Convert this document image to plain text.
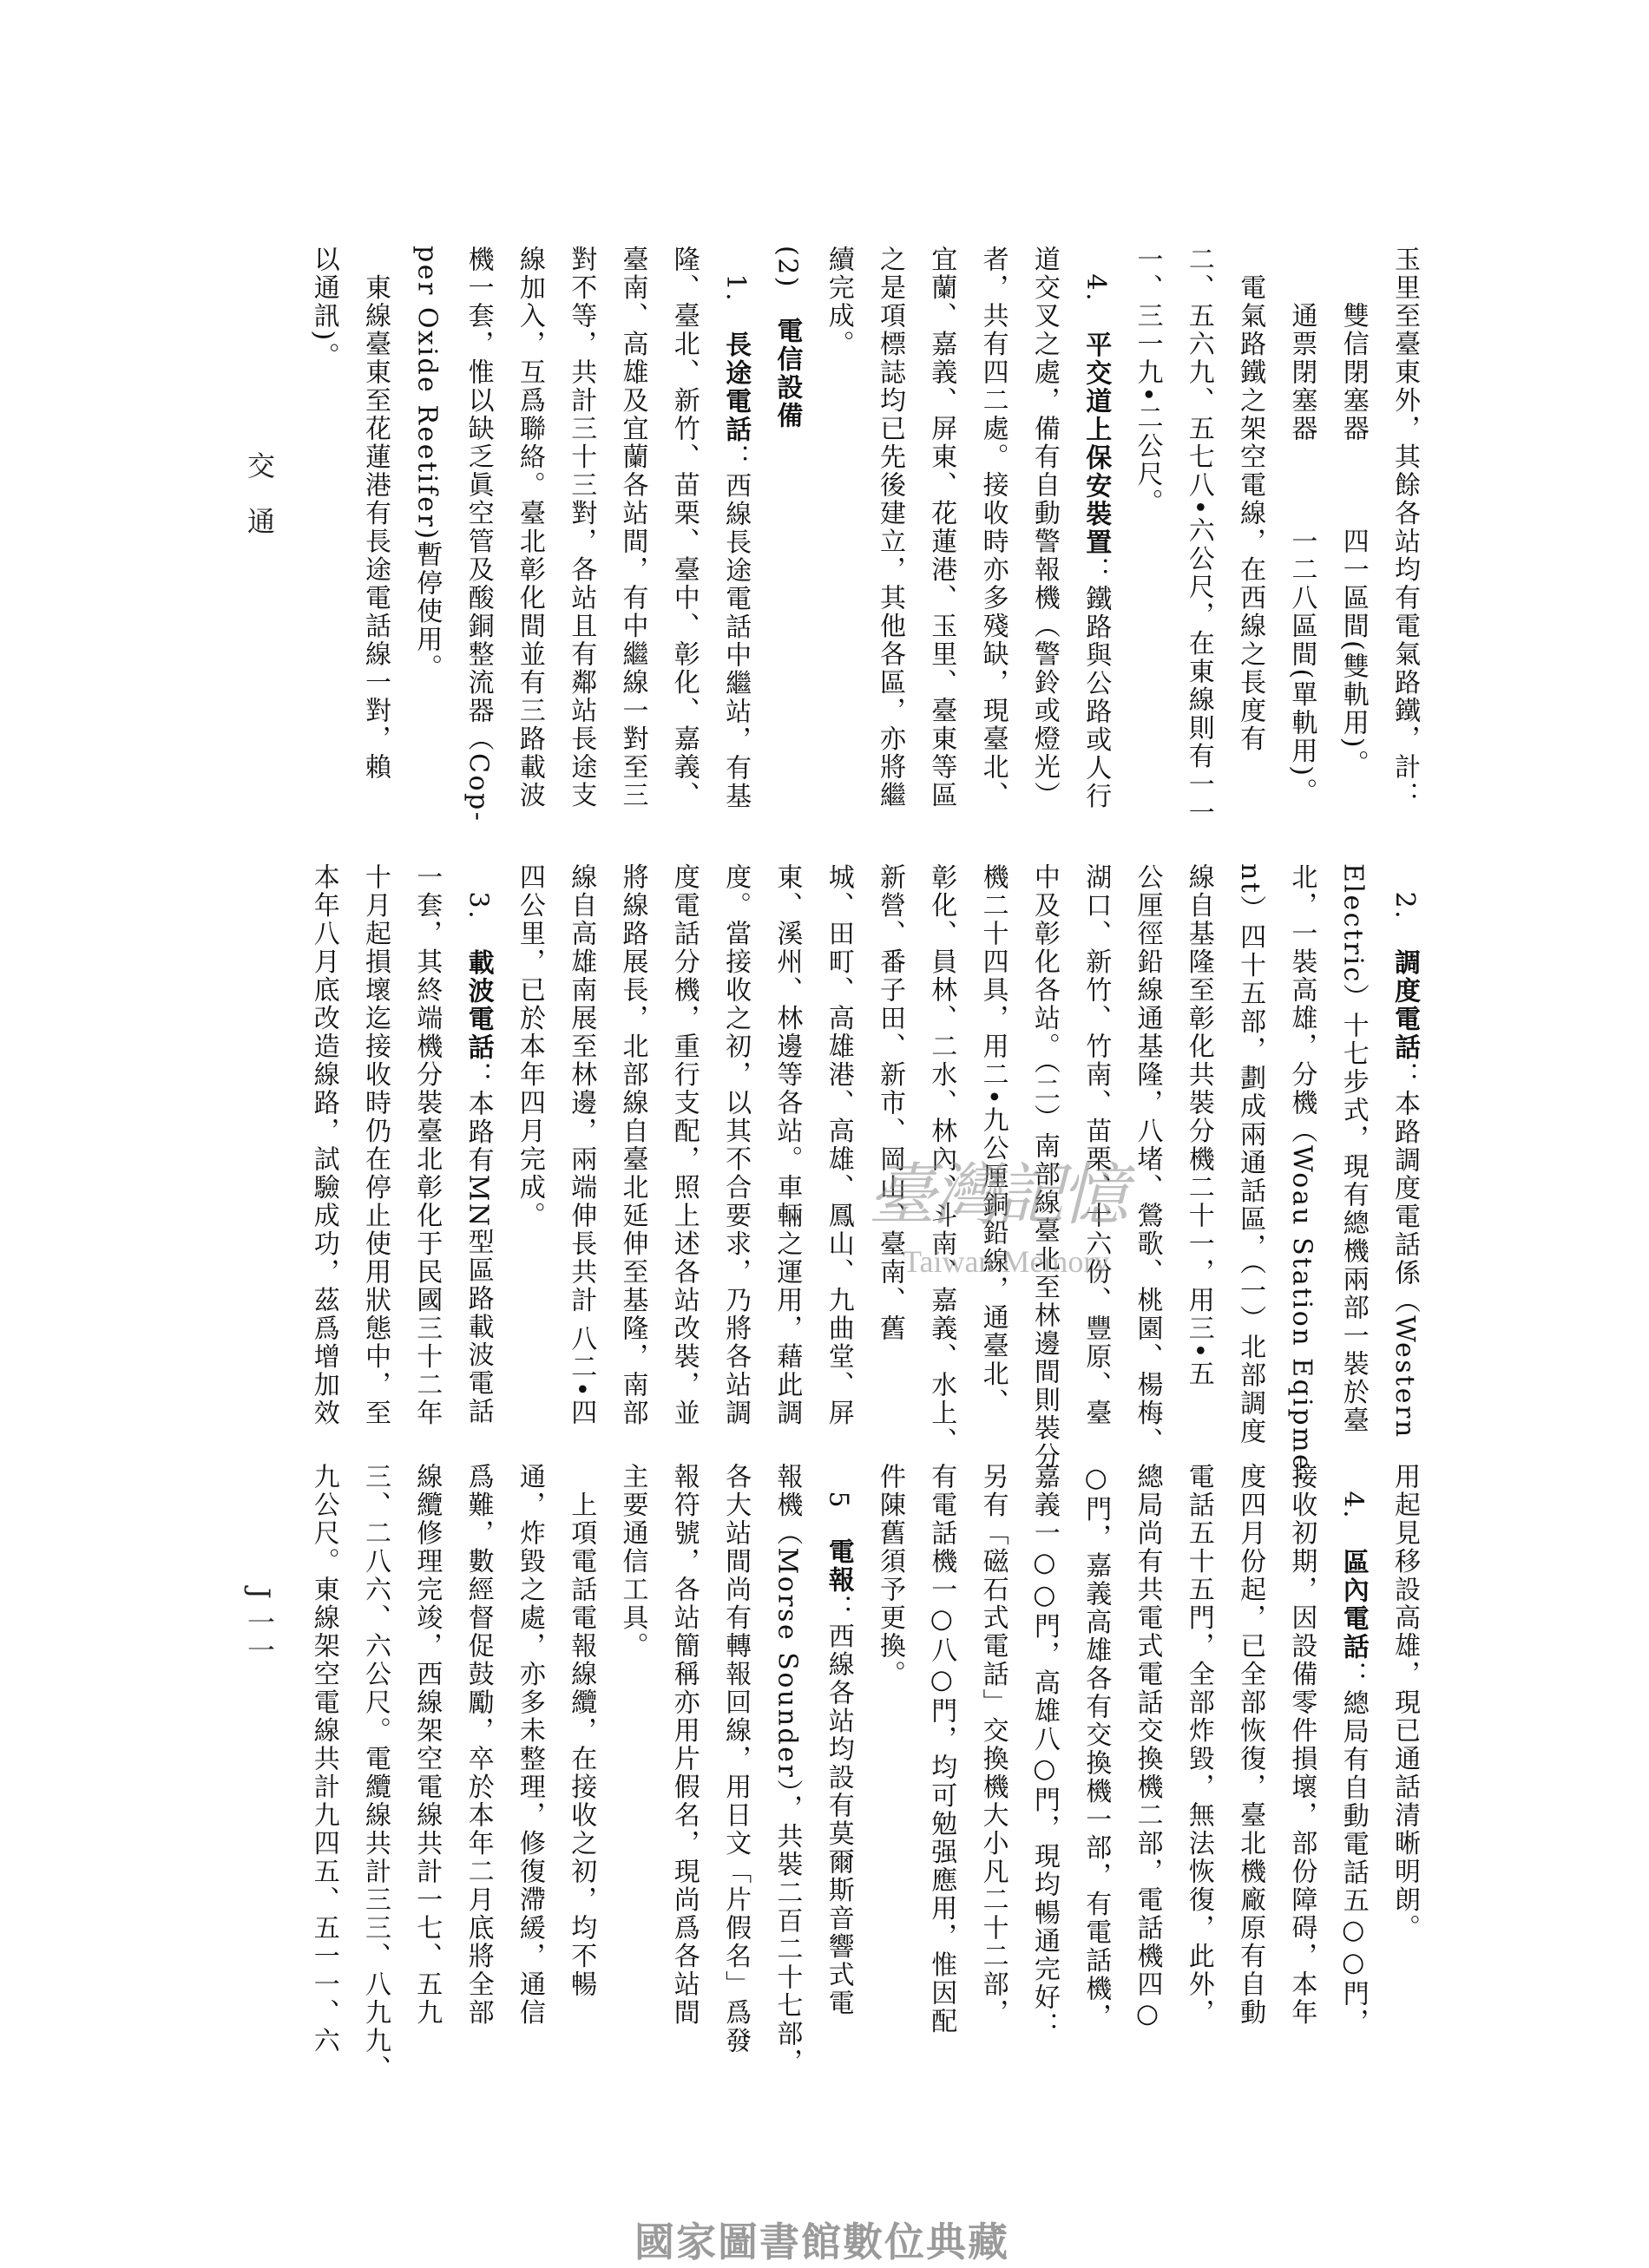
玉里至臺東外，其餘各站均有電氣路鐵，計：
　　雙信閉塞器　　　四一區間(雙軌用)。
　　通票閉塞器　　　一二八區間(單軌用)。
　電氣路鐵之架空電線，在西線之長度有
二、五六九、五七八•六公尺，在東線則有一一
一、三一九•二公尺。
　4.　平交道上保安裝置：鐵路與公路或人行
道交叉之處，備有自動警報機（警鈴或燈光）
者，共有四二處。接收時亦多殘缺，現臺北、
宜蘭、嘉義、屏東、花蓮港、玉里、臺東等區
之是項標誌均已先後建立，其他各區，亦將繼
續完成。
(2)　電信設備
　1.　長途電話：西線長途電話中繼站，有基
隆、臺北、新竹、苗栗、臺中、彰化、嘉義、
臺南、高雄及宜蘭各站間，有中繼線一對至三
對不等，共計三十三對，各站且有鄰站長途支
線加入，互爲聯絡。臺北彰化間並有三路載波
機一套，惟以缺乏眞空管及酸銅整流器（Cop-
per Oxide Reetifer)暫停使用。
　東線臺東至花蓮港有長途電話線一對，賴
以通訊)。
　2.　調度電話：本路調度電話係（Western
Electric）十七步式，現有總機兩部一裝於臺
北，一裝高雄，分機（Woau Station Eqipme-
nt）四十五部，劃成兩通話區，（一）北部調度
線自基隆至彰化共裝分機二十一，用三•五
公厘徑鉛線通基隆，八堵、鶯歌、桃園、楊梅、
湖口、新竹、竹南、苗栗、十六份、豐原、臺
中及彰化各站。（二）南部線臺北至林邊間則裝分
機二十四具，用二•九公厘銅鉛線，通臺北、
彰化、員林、二水、林內、斗南、嘉義、水上、
新營、番子田、新市、岡山、臺南、舊
城、田町、高雄港、高雄、鳳山、九曲堂、屏
東、溪州、林邊等各站。車輛之運用，藉此調
度。當接收之初，以其不合要求，乃將各站調
度電話分機，重行支配，照上述各站改裝，並
將線路展長，北部線自臺北延伸至基隆，南部
線自高雄南展至林邊，兩端伸長共計 八二•四
四公里，已於本年四月完成。
　3.　載波電話：本路有MN型區路載波電話
一套，其終端機分裝臺北彰化于民國三十二年
十月起損壞迄接收時仍在停止使用狀態中，至
本年八月底改造線路，試驗成功，茲爲增加效
用起見移設高雄，現已通話清晰明朗。
　4.　區內電話：總局有自動電話五○○門，
接收初期，因設備零件損壞，部份障碍，本年
度四月份起，已全部恢復，臺北機廠原有自動
電話五十五門，全部炸毀，無法恢復，此外，
總局尚有共電式電話交換機二部，電話機四○
○門，嘉義高雄各有交換機一部，有電話機，
嘉義一○○門，高雄八○門，現均暢通完好：
另有「磁石式電話」交換機大小凡二十二部，
有電話機一○八○門，均可勉强應用，惟因配
件陳舊須予更換。
　5　電報：西線各站均設有莫爾斯音響式電
報機（Morse Sounder），共裝二百二十七部，
各大站間尚有轉報回線，用日文「片假名」爲發
報符號，各站簡稱亦用片假名，現尚爲各站間
主要通信工具。
　上項電話電報線纜，在接收之初，均不暢
通，炸毀之處，亦多未整理，修復滯緩，通信
爲難，數經督促鼓勵，卒於本年二月底將全部
線纜修理完竣，西線架空電線共計一七、五九
三、二八六、六公尺。電纜線共計三三、八九九、
九公尺。東線架空電線共計九四五、五一一、六
交　通
J 一一
臺灣記憶
Taiwan Memory
國家圖書館數位典藏
